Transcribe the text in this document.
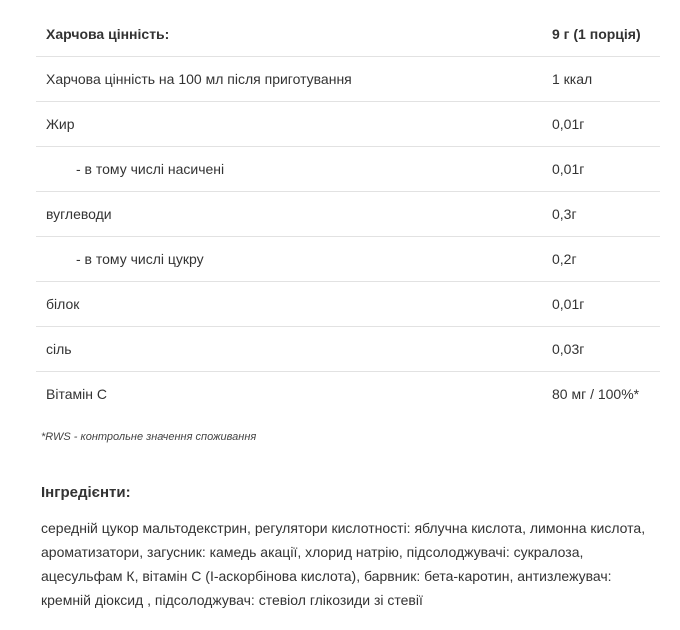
Харчова цінність:	9 г (1 порція)
Харчова цінність на 100 мл після приготування	1 ккал
Жир	0,01г
- в тому числі насичені	0,01г
вуглеводи	0,3г
- в тому числі цукру	0,2г
білок	0,01г
сіль	0,03г
Вітамін С	80 мг / 100%*
*RWS - контрольне значення споживання
Інгредієнти:
середній цукор мальтодекстрин, регулятори кислотності: яблучна кислота, лимонна кислота, ароматизатори, загусник: камедь акації, хлорид натрію, підсолоджувачі: сукралоза, ацесульфам К, вітамін С (І-аскорбінова кислота), барвник: бета-каротин, антизлежувач: кремній діоксид , підсолоджувач: стевіол глікозиди зі стевії
